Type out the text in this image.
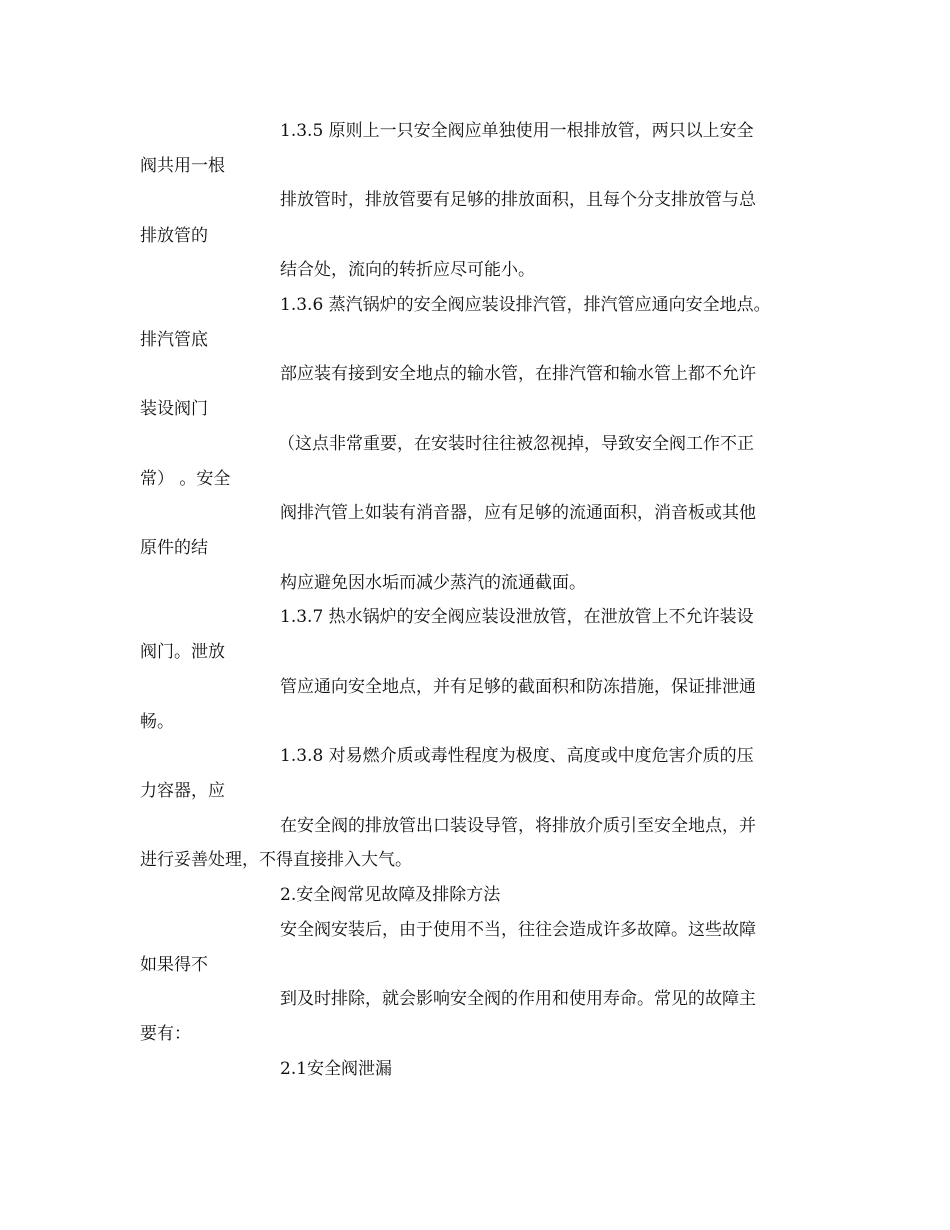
1.3.5 原则上一只安全阀应单独使用一根排放管，两只以上安全
阀共用一根
排放管时，排放管要有足够的排放面积，且每个分支排放管与总
排放管的
结合处，流向的转折应尽可能小。
1.3.6 蒸汽锅炉的安全阀应装设排汽管，排汽管应通向安全地点。
排汽管底
部应装有接到安全地点的输水管，在排汽管和输水管上都不允许
装设阀门
（这点非常重要，在安装时往往被忽视掉，导致安全阀工作不正
常） 。安全
阀排汽管上如装有消音器，应有足够的流通面积，消音板或其他
原件的结
构应避免因水垢而减少蒸汽的流通截面。
1.3.7 热水锅炉的安全阀应装设泄放管，在泄放管上不允许装设
阀门。泄放
管应通向安全地点，并有足够的截面积和防冻措施，保证排泄通
畅。
1.3.8 对易燃介质或毒性程度为极度、高度或中度危害介质的压
力容器，应
在安全阀的排放管出口装设导管，将排放介质引至安全地点，并
进行妥善处理，不得直接排入大气。
2.安全阀常见故障及排除方法
安全阀安装后，由于使用不当，往往会造成许多故障。这些故障
如果得不
到及时排除，就会影响安全阀的作用和使用寿命。常见的故障主
要有：
2.1安全阀泄漏
